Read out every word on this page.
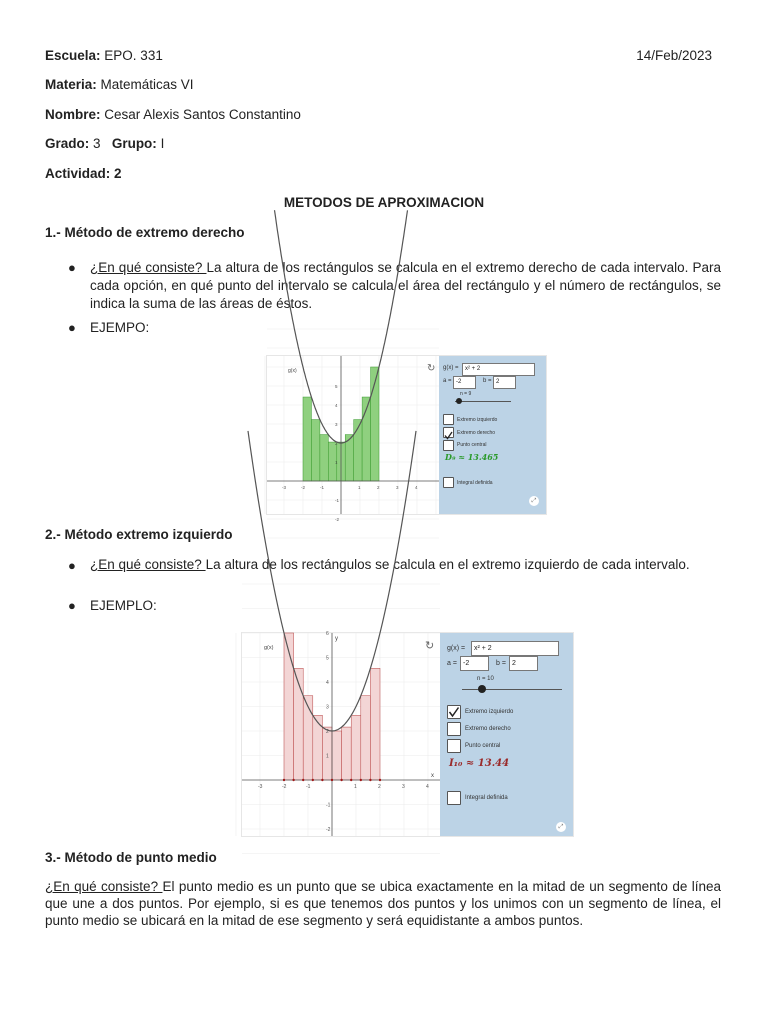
Escuela: EPO. 331	14/Feb/2023
Materia: Matemáticas VI
Nombre: Cesar Alexis Santos Constantino
Grado: 3 Grupo: I
Actividad: 2
METODOS DE APROXIMACION
1.- Método de extremo derecho
● ¿En qué consiste? La altura de los rectángulos se calcula en el extremo derecho de cada intervalo. Para cada opción, en qué punto del intervalo se calcula el área del rectángulo y el número de rectángulos, se indica la suma de las áreas de éstos.
● EJEMPO:
-3	-2	-1	1	2	3	4
5
4
3
2
1
-1
-2
g(x)	↻ g(x) =	x² + 2
a = -2	b = 2
n = 9
Extremo izquierdo
Extremo derecho
Punto central
D₉ ≈ 13.465
Integral definida
⤢
2.- Método extremo izquierdo
● ¿En qué consiste? La altura de los rectángulos se calcula en el extremo izquierdo de cada intervalo.
● EJEMPLO:
-3	-2	-1	1	2	3	4
6
5
4
3
2
1
-1
-2
g(x)
y
x
↻ g(x) =	x² + 2
a = -2	b = 2
n = 10
Extremo izquierdo
Extremo derecho
Punto central
I₁₀ ≈ 13.44
Integral definida
⤢
3.- Método de punto medio
¿En qué consiste? El punto medio es un punto que se ubica exactamente en la mitad de un segmento de línea que une a dos puntos. Por ejemplo, si es que tenemos dos puntos y los unimos con un segmento de línea, el punto medio se ubicará en la mitad de ese segmento y será equidistante a ambos puntos.
